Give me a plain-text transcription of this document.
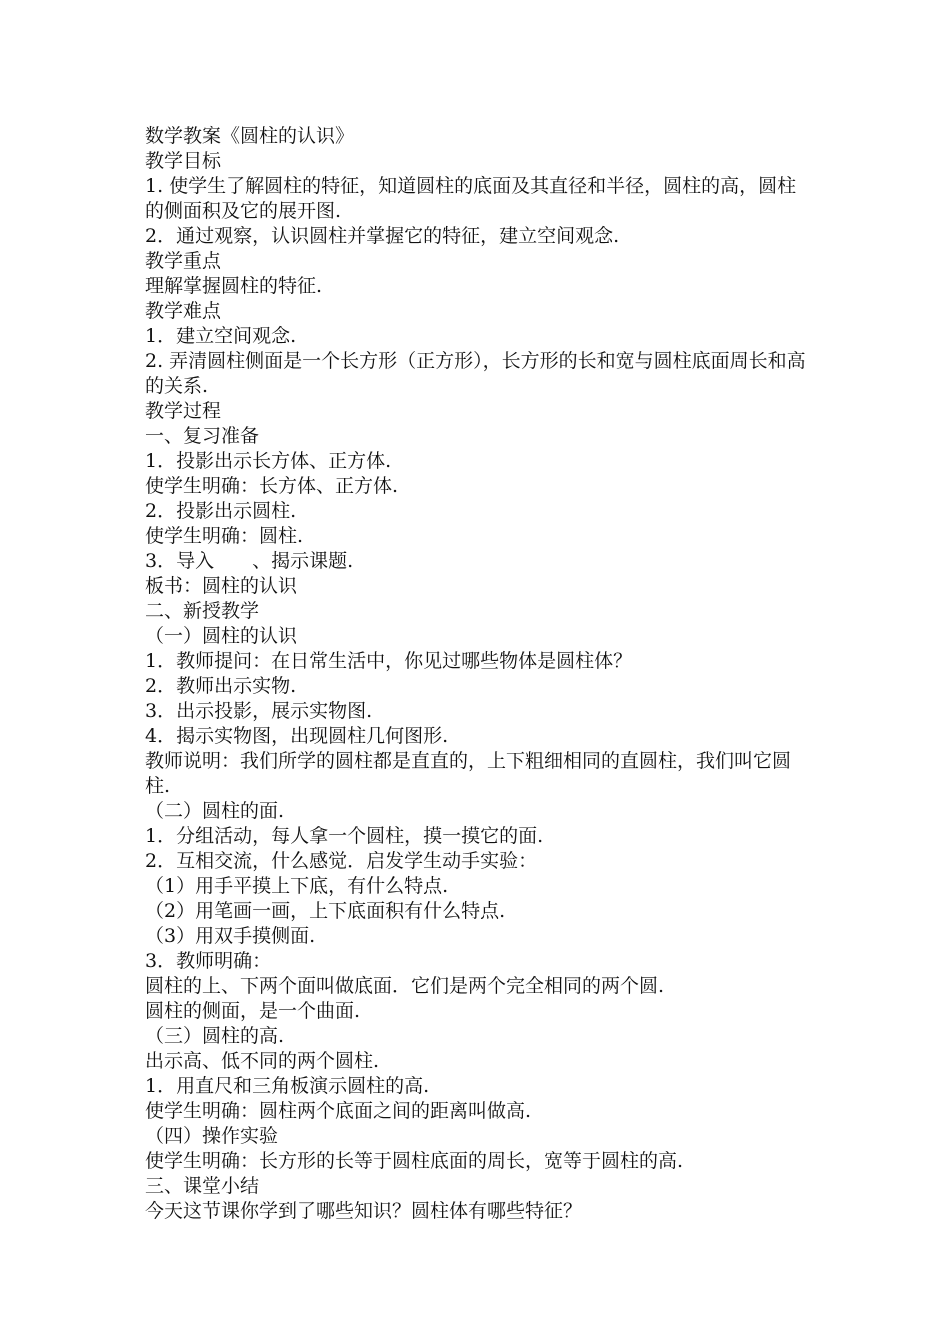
数学教案《圆柱的认识》

教学目标

1. 使学生了解圆柱的特征，知道圆柱的底面及其直径和半径，圆柱的高，圆柱的侧面积及它的展开图.

2．通过观察，认识圆柱并掌握它的特征，建立空间观念.

教学重点

理解掌握圆柱的特征.

教学难点

1．建立空间观念.

2. 弄清圆柱侧面是一个长方形（正方形），长方形的长和宽与圆柱底面周长和高的关系.

教学过程

一、复习准备

1．投影出示长方体、正方体.

使学生明确：长方体、正方体.

2．投影出示圆柱.

使学生明确：圆柱.

3．导入　　、揭示课题.

板书：圆柱的认识

二、新授教学

（一）圆柱的认识

1．教师提问：在日常生活中，你见过哪些物体是圆柱体？

2．教师出示实物.

3．出示投影，展示实物图.

4．揭示实物图，出现圆柱几何图形.

教师说明：我们所学的圆柱都是直直的，上下粗细相同的直圆柱，我们叫它圆柱.

（二）圆柱的面.

1．分组活动，每人拿一个圆柱，摸一摸它的面.

2．互相交流，什么感觉．启发学生动手实验：

（1）用手平摸上下底，有什么特点.

（2）用笔画一画，上下底面积有什么特点.

（3）用双手摸侧面.

3．教师明确：

圆柱的上、下两个面叫做底面．它们是两个完全相同的两个圆.

圆柱的侧面，是一个曲面.

（三）圆柱的高.

出示高、低不同的两个圆柱.

1．用直尺和三角板演示圆柱的高.

使学生明确：圆柱两个底面之间的距离叫做高.

（四）操作实验

使学生明确：长方形的长等于圆柱底面的周长，宽等于圆柱的高.

三、课堂小结

今天这节课你学到了哪些知识？圆柱体有哪些特征？
